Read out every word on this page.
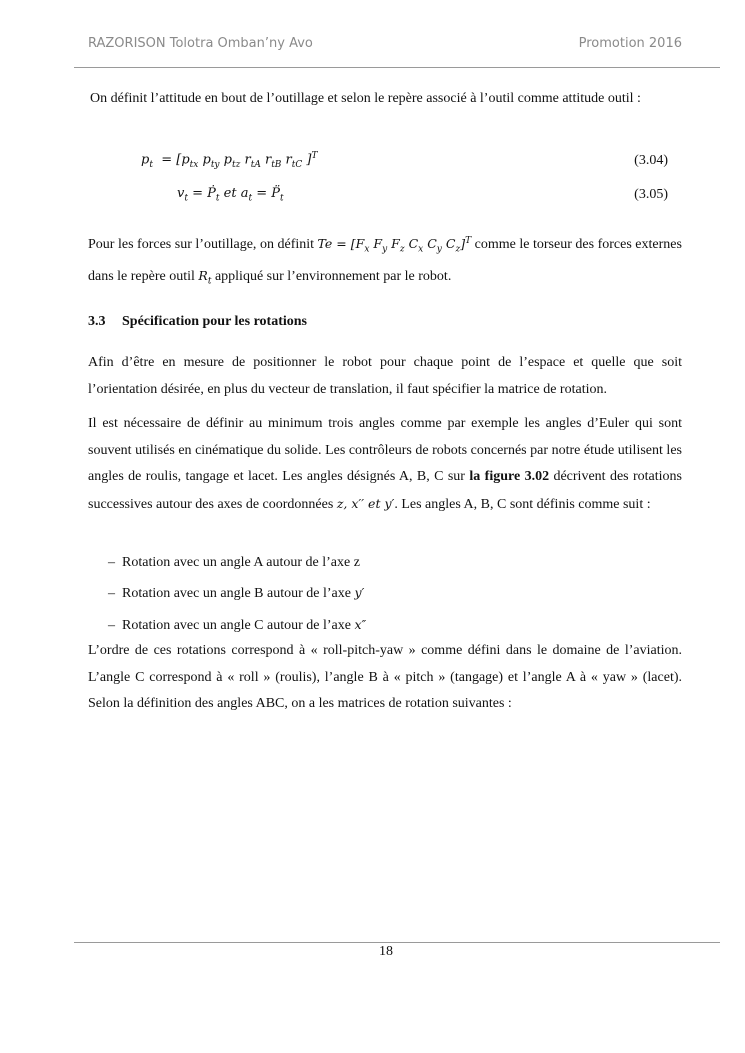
RAZORISON Tolotra Omban’ny Avo	Promotion 2016

On définit l’attitude en bout de l’outillage et selon le repère associé à l’outil comme attitude outil :

$p_t = [p_{tx}$ $p_{ty}$ $p_{tz}$ $r_{tA}$ $r_{tB}$ $r_{tC}$ ]$^T$	(3.04)
$v_t$ = Ṗ$_t$ et $a_t$ = $P̈_t$	(3.05)

Pour les forces sur l’outillage, on définit $Te = [F_x$ $F_y$ $F_z$ $C_x$ $C_y$ $C_z]^T$ comme le torseur des forces externes dans le repère outil $R_t$ appliqué sur l’environnement par le robot.

3.3 Spécification pour les rotations

Afin d’être en mesure de positionner le robot pour chaque point de l’espace et quelle que soit l’orientation désirée, en plus du vecteur de translation, il faut spécifier la matrice de rotation.

Il est nécessaire de définir au minimum trois angles comme par exemple les angles d’Euler qui sont souvent utilisés en cinématique du solide. Les contrôleurs de robots concernés par notre étude utilisent les angles de roulis, tangage et lacet. Les angles désignés A, B, C sur la figure 3.02 décrivent des rotations successives autour des axes de coordonnées z, x′′ et y′. Les angles A, B, C sont définis comme suit :

–  Rotation avec un angle A autour de l’axe z
–  Rotation avec un angle B autour de l’axe y′
–  Rotation avec un angle C autour de l’axe x″

L’ordre de ces rotations correspond à « roll-pitch-yaw » comme défini dans le domaine de l’aviation. L’angle C correspond à « roll » (roulis), l’angle B à « pitch » (tangage) et l’angle A à « yaw » (lacet). Selon la définition des angles ABC, on a les matrices de rotation suivantes :

18
